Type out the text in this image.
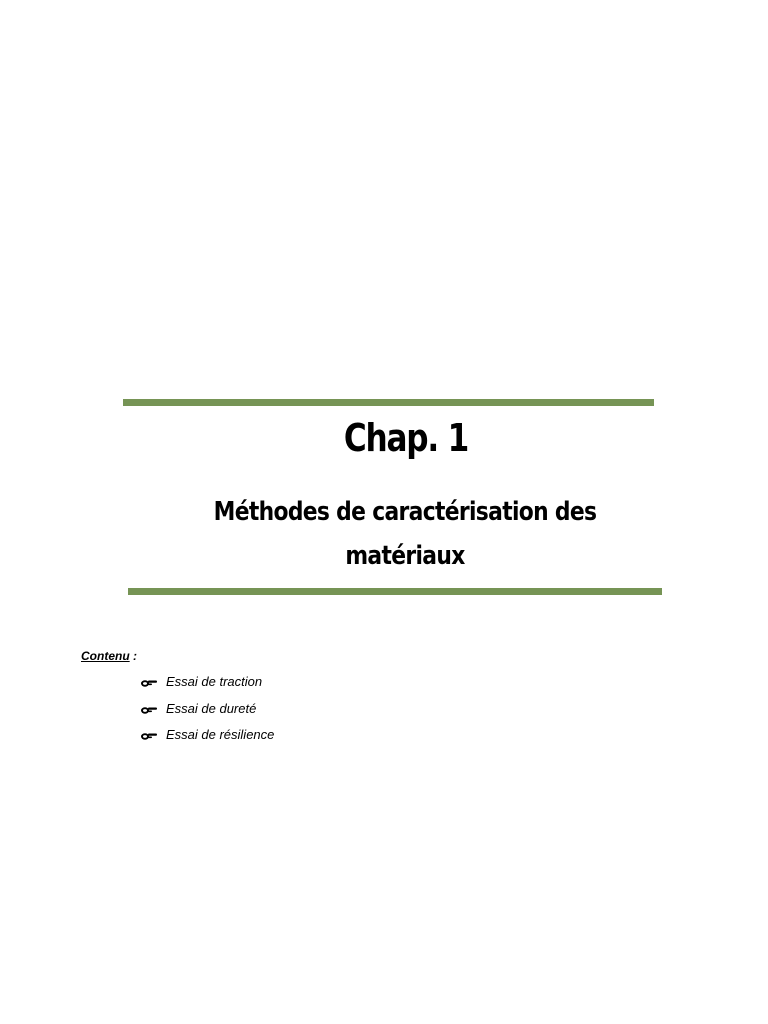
Chap. 1
Méthodes de caractérisation des matériaux
Contenu :
Essai de traction
Essai de dureté
Essai de résilience
